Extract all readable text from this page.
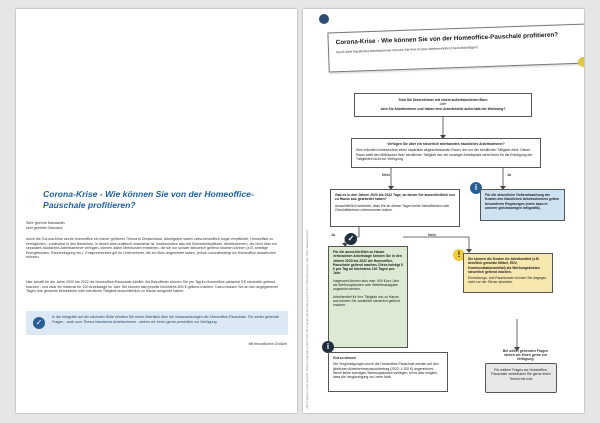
Corona-Krise - Wie können Sie von der Homeoffice-Pauschale profitieren?

Sehr geehrte Mandantin,

sehr geehrter Mandant,

durch die Corona-Krise wurde Homeoffice ein immer größeres Thema in Deutschland. Arbeitgeber waren zwischenzeitlich sogar verpflichtet, Homeoffice zu ermöglichen - zumindest in den Bereichen, in denen dies praktisch umsetzbar ist, insbesondere also bei Büroarbeitsplätzen. Arbeitnehmern, die nicht über ein separates häusliches Arbeitszimmer verfügen, können dabei Mehrkosten entstehen, die sie nur schwer steuerlich geltend machen können (z.B. anteilige Energiekosten, Raumreinigung etc.). Entsprechendes gilt für Unternehmer, die ein Büro angemietet haben, jedoch coronabedingt ins Homeoffice ausweichen müssen.

Hier schafft für die Jahre 2020 bis 2022 die Homeoffice-Pauschale Abhilfe: Als Betroffener können Sie pro Tag im Homeoffice pauschal 5 € steuerlich geltend machen - und zwar für maximal für 120 Arbeitstage im Jahr. Sie können also jeweils höchstens 600 € geltend machen. Dazu müssen Sie an den angegebenen Tagen Ihre gesamte betriebliche oder berufliche Tätigkeit ausschließlich zu Hause ausgeübt haben.

✓
In der Infografik auf der nächsten Seite erhalten Sie einen Überblick über die Voraussetzungen der Homeoffice-Pauschale. Für weiter gehende Fragen - auch zum Thema häusliches Arbeitszimmer - stehen wir Ihnen gerne persönlich zur Verfügung.

Mit freundlichen Grüßen	Alle Angaben ohne Gewähr. Diese Infografik ersetzt nicht die individuelle Beratung durch Ihre Steuerberaterin oder Ihren Steuerberater.
Corona-Krise - Wie können Sie von der Homeoffice-Pauschale profitieren?
Auch ohne häusliches Arbeitszimmer können Sie Ihre Kosten steuermindernd berücksichtigen!
Sind Sie Unternehmer mit einem außerhäuslichen Büro
oder
sind Sie Arbeitnehmer und haben eine Arbeitsstelle außerhalb der Wohnung?
Verfügen Sie über ein steuerlich anerkanntes häusliches Arbeitszimmer?
Dies erfordert insbesondere einen separaten abgeschlossenen Raum, der nur der beruflichen Tätigkeit dient. Dieser Raum stellt den Mittelpunkt Ihrer beruflichen Tätigkeit dar, ein sonstiger Arbeitsplatz steht Ihnen für die Erledigung der Tätigkeiten nicht zur Verfügung.
Nein	Ja
Gab es in den Jahren 2020 bis 2022 Tage, an denen Sie ausschließlich von zu Hause aus gearbeitet haben?
Ausschließlich bedeutet, dass Sie an diesen Tagen keine Dienstfahrten oder Geschäftsreisen unternommen haben.
i
Für die steuerliche Geltendmachung der Kosten des häuslichen Arbeitszimmers gelten besonderen Regelungen (mehr dazu in unserer gleichnamigen Infografik).
Ja	Nein
✓
Für die ausschließlich zu Hause verbrachten Arbeitstage können Sie in den Jahren 2020 bis 2022 die Homeoffice-Pauschale geltend machen. Diese beträgt 5 € pro Tag an höchstens 120 Tagen pro Jahr.
Insgesamt können also max. 600 € pro Jahr als Werbungskosten oder Betriebsausgabe angesetzt werden.
Arbeitsmittel für Ihre Tätigkeit von zu Hause aus können Sie zusätzlich steuerlich geltend machen.
!	Sie können die Kosten für Arbeitsmittel (z.B. beruflich genutzte Möbel, EDV, Kommunikationsmittel) als Werbungskosten steuerlich geltend machen.
Einrichtungs- und Raumkosten können Sie dagegen nicht vor der Steuer absetzen.
i
Gut zu wissen
Die Vergünstigungen durch die Homeoffice-Pauschale werden auf den jährlichen Arbeitnehmerpauschbetrag (2022: 1.200 €) angerechnet. Wenn keine sonstigen Werbungskosten vorliegen, ist es also möglich, dass die Vergünstigung ins Leere läuft.
Bei weiter gehenden Fragen stehen wir Ihnen gerne zur Verfügung.
Für weitere Fragen zur Homeoffice-Pauschale vereinbaren Sie gerne einen Termin mit uns!
